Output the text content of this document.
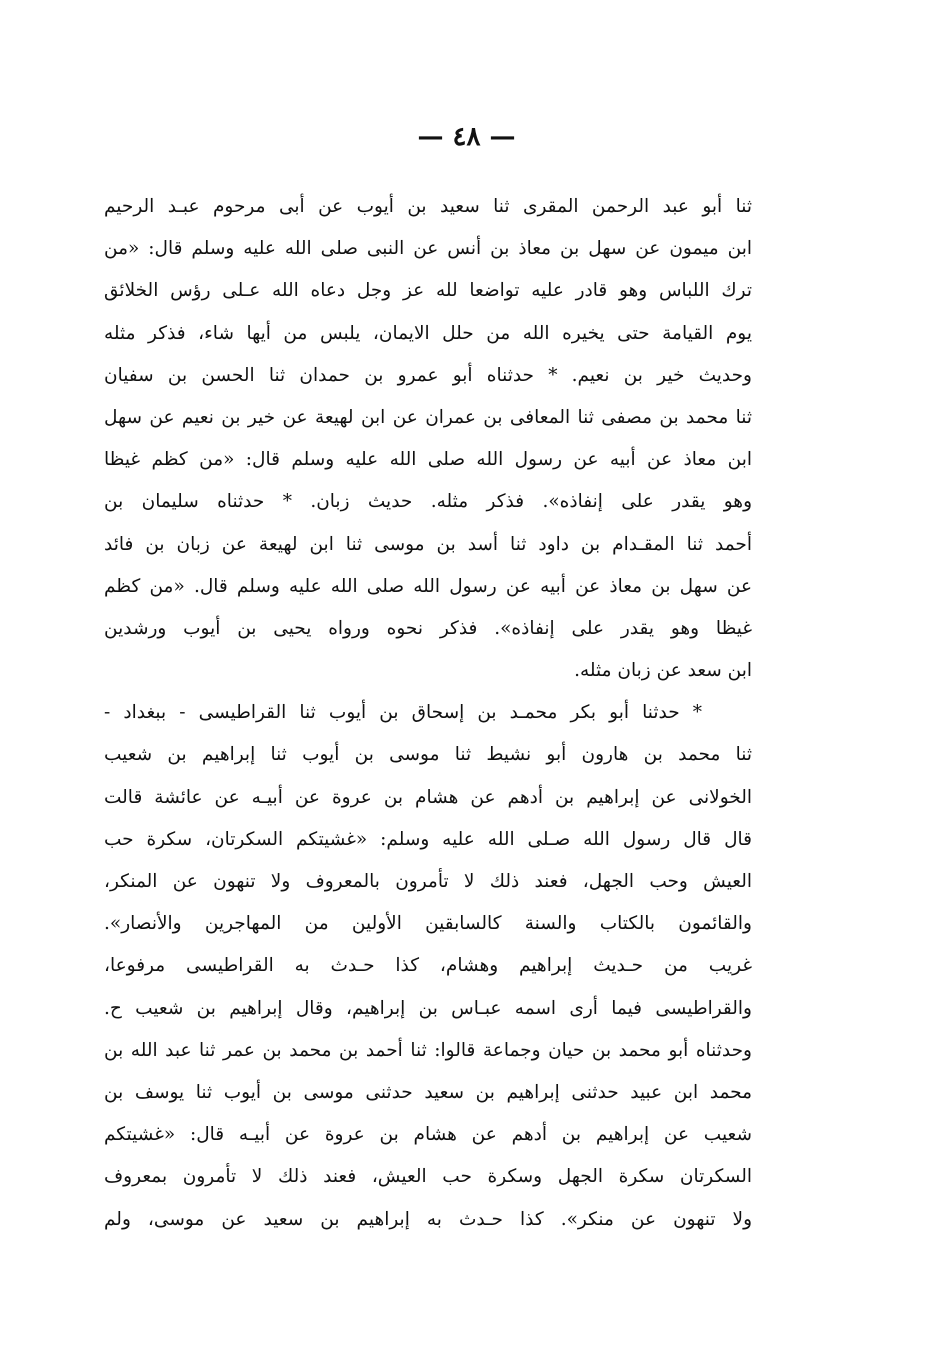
— ٤٨ —
ثنا أبو عبد الرحمن المقرى ثنا سعيد بن أيوب عن أبى مرحوم عبـد الرحيم
ابن ميمون عن سهل بن معاذ بن أنس عن النبى صلى الله عليه وسلم قال: «من
ترك اللباس وهو قادر عليه تواضعا لله عز وجل دعاه الله عـلى رؤس الخلائق
يوم القيامة حتى يخيره الله من حلل الايمان، يلبس من أيها شاء، فذكر مثله
وحديث خير بن نعيم. * حدثناه أبو عمرو بن حمدان ثنا الحسن بن سفيان
ثنا محمد بن مصفى ثنا المعافى بن عمران عن ابن لهيعة عن خير بن نعيم عن سهل
ابن معاذ عن أبيه عن رسول الله صلى الله عليه وسلم قال: «من كظم غيظا
وهو يقدر على إنفاذه». فذكر مثله. حديث زبان. * حدثناه سليمان بن
أحمد ثنا المقـدام بن داود ثنا أسد بن موسى ثنا ابن لهيعة عن زبان بن فائد
عن سهل بن معاذ عن أبيه عن رسول الله صلى الله عليه وسلم قال. «من كظم
غيظا وهو يقدر على إنفاذه». فذكر نحوه ورواه يحيى بن أيوب ورشدين
ابن سعد عن زبان مثله.
* حدثنا أبو بكر محمـد بن إسحاق بن أيوب ثنا القراطيسى - ببغداد -
ثنا محمد بن هارون أبو نشيط ثنا موسى بن أيوب ثنا إبراهيم بن شعيب
الخولانى عن إبراهيم بن أدهم عن هشام بن عروة عن أبيـه عن عائشة قالت
قال قال رسول الله صـلى الله عليه وسلم: «غشيتكم السكرتان، سكرة حب
العيش وحب الجهل، فعند ذلك لا تأمرون بالمعروف ولا تنهون عن المنكر،
والقائمون بالكتاب والسنة كالسابقين الأولين من المهاجرين والأنصار».
غريب من حـديث إبراهيم وهشام، كذا حـدث به القراطيسى مرفوعا،
والقراطيسى فيما أرى اسمه عبـاس بن إبراهيم، وقال إبراهيم بن شعيب ح.
وحدثناه أبو محمد بن حيان وجماعة قالوا: ثنا أحمد بن محمد بن عمر ثنا عبد الله بن
محمد ابن عبيد حدثنى إبراهيم بن سعيد حدثنى موسى بن أيوب ثنا يوسف بن
شعيب عن إبراهيم بن أدهم عن هشام بن عروة عن أبيـه قال: «غشيتكم
السكرتان سكرة الجهل وسكرة حب العيش، فعند ذلك لا تأمرون بمعروف
ولا تنهون عن منكر». كذا حـدث به إبراهيم بن سعيد عن موسى، ولم
